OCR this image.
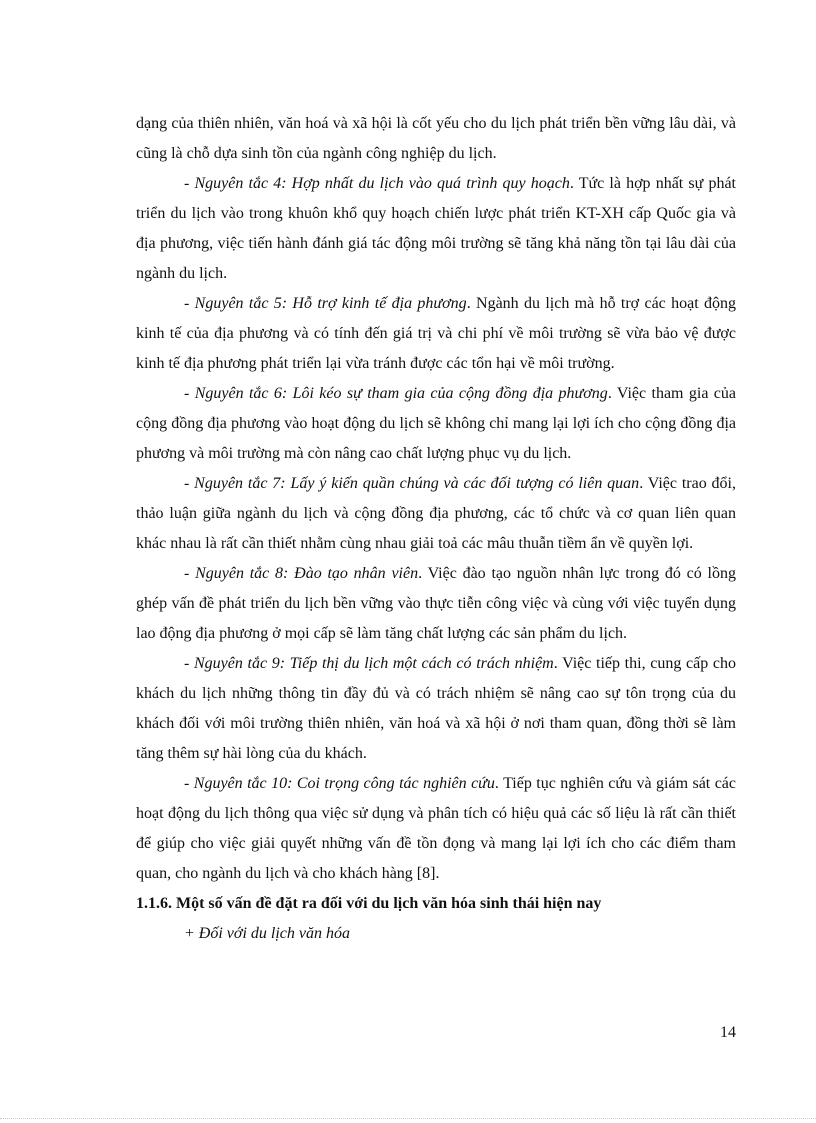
dạng của thiên nhiên, văn hoá và xã hội là cốt yếu cho du lịch phát triển bền vững lâu dài, và cũng là chỗ dựa sinh tồn của ngành công nghiệp du lịch.

- Nguyên tắc 4: Hợp nhất du lịch vào quá trình quy hoạch. Tức là hợp nhất sự phát triển du lịch vào trong khuôn khổ quy hoạch chiến lược phát triển KT-XH cấp Quốc gia và địa phương, việc tiến hành đánh giá tác động môi trường sẽ tăng khả năng tồn tại lâu dài của ngành du lịch.

- Nguyên tắc 5: Hỗ trợ kinh tế địa phương. Ngành du lịch mà hỗ trợ các hoạt động kinh tế của địa phương và có tính đến giá trị và chi phí về môi trường sẽ vừa bảo vệ được kinh tế địa phương phát triển lại vừa tránh được các tổn hại về môi trường.

- Nguyên tắc 6: Lôi kéo sự tham gia của cộng đồng địa phương. Việc tham gia của cộng đồng địa phương vào hoạt động du lịch sẽ không chỉ mang lại lợi ích cho cộng đồng địa phương và môi trường mà còn nâng cao chất lượng phục vụ du lịch.

- Nguyên tắc 7: Lấy ý kiến quần chúng và các đối tượng có liên quan. Việc trao đổi, thảo luận giữa ngành du lịch và cộng đồng địa phương, các tổ chức và cơ quan liên quan khác nhau là rất cần thiết nhằm cùng nhau giải toả các mâu thuẫn tiềm ẩn về quyền lợi.

- Nguyên tắc 8: Đào tạo nhân viên. Việc đào tạo nguồn nhân lực trong đó có lồng ghép vấn đề phát triển du lịch bền vững vào thực tiễn công việc và cùng với việc tuyển dụng lao động địa phương ở mọi cấp sẽ làm tăng chất lượng các sản phẩm du lịch.

- Nguyên tắc 9: Tiếp thị du lịch một cách có trách nhiệm. Việc tiếp thi, cung cấp cho khách du lịch những thông tin đầy đủ và có trách nhiệm sẽ nâng cao sự tôn trọng của du khách đối với môi trường thiên nhiên, văn hoá và xã hội ở nơi tham quan, đồng thời sẽ làm tăng thêm sự hài lòng của du khách.

- Nguyên tắc 10: Coi trọng công tác nghiên cứu. Tiếp tục nghiên cứu và giám sát các hoạt động du lịch thông qua việc sử dụng và phân tích có hiệu quả các số liệu là rất cần thiết để giúp cho việc giải quyết những vấn đề tồn đọng và mang lại lợi ích cho các điểm tham quan, cho ngành du lịch và cho khách hàng [8].

1.1.6. Một số vấn đề đặt ra đối với du lịch văn hóa sinh thái hiện nay

+ Đối với du lịch văn hóa

14
